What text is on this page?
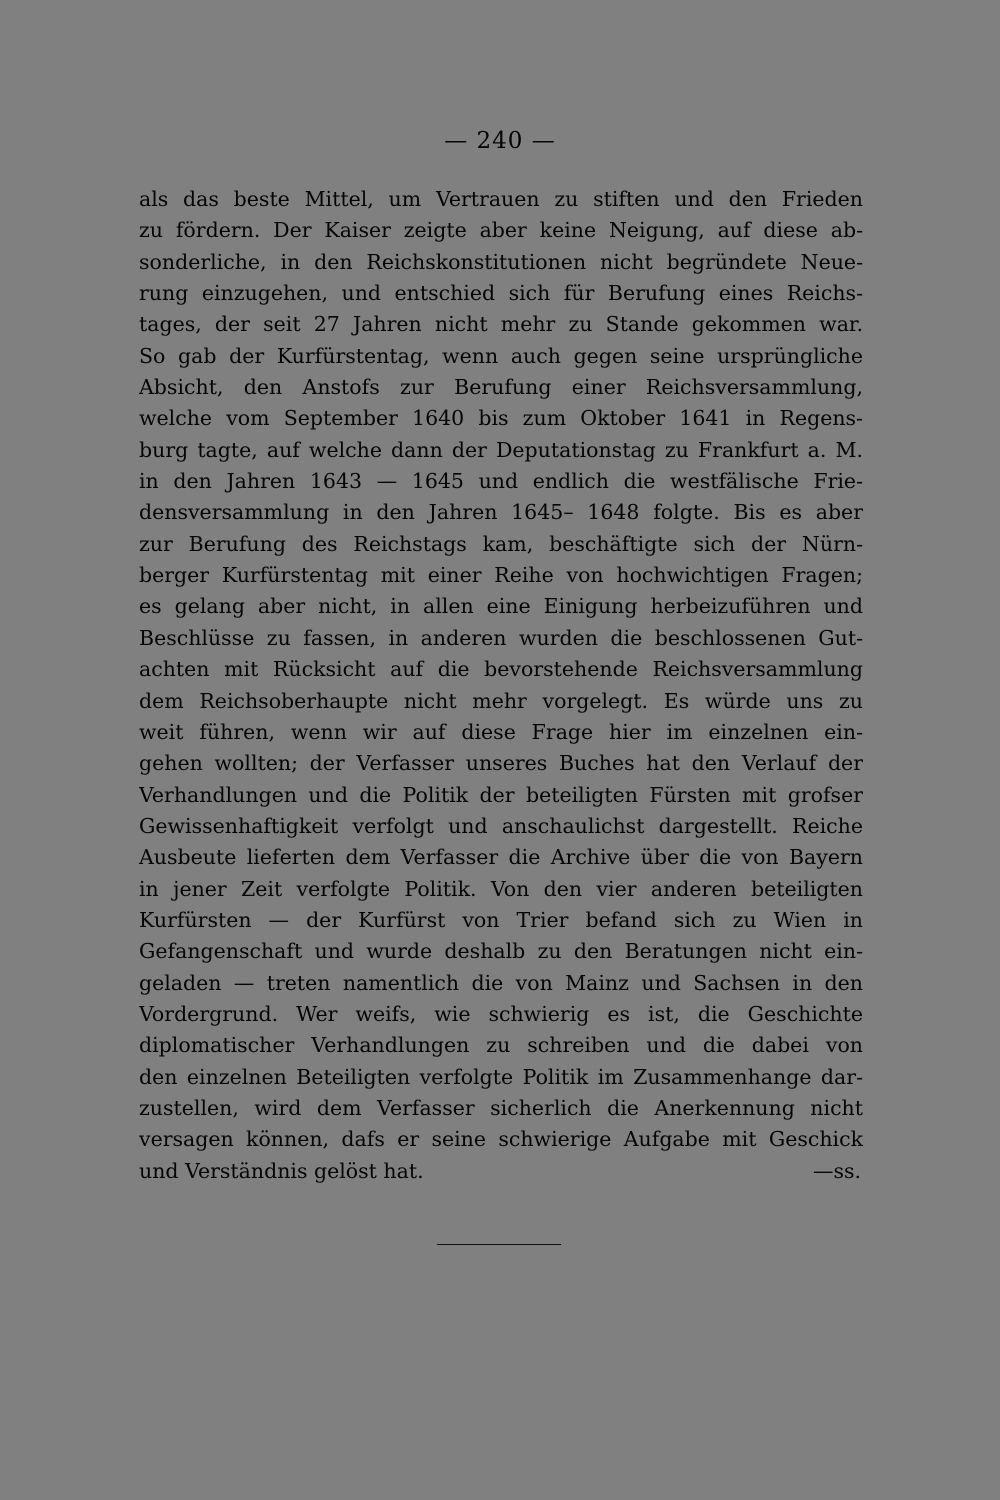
— 240 —
als das beste Mittel, um Vertrauen zu stiften und den Frieden
zu fördern. Der Kaiser zeigte aber keine Neigung, auf diese ab-
sonderliche, in den Reichskonstitutionen nicht begründete Neue-
rung einzugehen, und entschied sich für Berufung eines Reichs-
tages, der seit 27 Jahren nicht mehr zu Stande gekommen war.
So gab der Kurfürstentag, wenn auch gegen seine ursprüngliche
Absicht, den Anstofs zur Berufung einer Reichsversammlung,
welche vom September 1640 bis zum Oktober 1641 in Regens-
burg tagte, auf welche dann der Deputationstag zu Frankfurt a. M.
in den Jahren 1643 — 1645 und endlich die westfälische Frie-
densversammlung in den Jahren 1645– 1648 folgte. Bis es aber
zur Berufung des Reichstags kam, beschäftigte sich der Nürn-
berger Kurfürstentag mit einer Reihe von hochwichtigen Fragen;
es gelang aber nicht, in allen eine Einigung herbeizuführen und
Beschlüsse zu fassen, in anderen wurden die beschlossenen Gut-
achten mit Rücksicht auf die bevorstehende Reichsversammlung
dem Reichsoberhaupte nicht mehr vorgelegt. Es würde uns zu
weit führen, wenn wir auf diese Frage hier im einzelnen ein-
gehen wollten; der Verfasser unseres Buches hat den Verlauf der
Verhandlungen und die Politik der beteiligten Fürsten mit grofser
Gewissenhaftigkeit verfolgt und anschaulichst dargestellt. Reiche
Ausbeute lieferten dem Verfasser die Archive über die von Bayern
in jener Zeit verfolgte Politik. Von den vier anderen beteiligten
Kurfürsten — der Kurfürst von Trier befand sich zu Wien in
Gefangenschaft und wurde deshalb zu den Beratungen nicht ein-
geladen — treten namentlich die von Mainz und Sachsen in den
Vordergrund. Wer weifs, wie schwierig es ist, die Geschichte
diplomatischer Verhandlungen zu schreiben und die dabei von
den einzelnen Beteiligten verfolgte Politik im Zusammenhange dar-
zustellen, wird dem Verfasser sicherlich die Anerkennung nicht
versagen können, dafs er seine schwierige Aufgabe mit Geschick
und Verständnis gelöst hat.	—ss.
